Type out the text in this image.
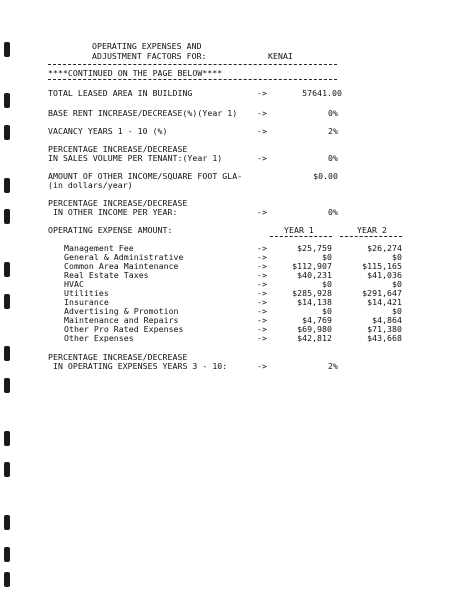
OPERATING EXPENSES AND
ADJUSTMENT FACTORS FOR:	KENAI
****CONTINUED ON THE PAGE BELOW****
TOTAL LEASED AREA IN BUILDING	->	57641.00
BASE RENT INCREASE/DECREASE(%)(Year 1) ->	0%
VACANCY YEARS 1 - 10 (%)	->	2%
PERCENTAGE INCREASE/DECREASE
IN SALES VOLUME PER TENANT:(Year 1)	->	0%
AMOUNT OF OTHER INCOME/SQUARE FOOT GLA-	$0.00
(in dollars/year)
PERCENTAGE INCREASE/DECREASE
IN OTHER INCOME PER YEAR:	->	0%
OPERATING EXPENSE AMOUNT:	YEAR 1	YEAR 2
Management Fee	->	$25,759	$26,274
General & Administrative	->	$0	$0
Common Area Maintenance	->	$112,907	$115,165
Real Estate Taxes	->	$40,231	$41,036
HVAC	->	$0	$0
Utilities	->	$285,928	$291,647
Insurance	->	$14,138	$14,421
Advertising & Promotion	->	$0	$0
Maintenance and Repairs	->	$4,769	$4,864
Other Pro Rated Expenses	->	$69,980	$71,380
Other Expenses	->	$42,812	$43,668
PERCENTAGE INCREASE/DECREASE
IN OPERATING EXPENSES YEARS 3 - 10:	->	2%
